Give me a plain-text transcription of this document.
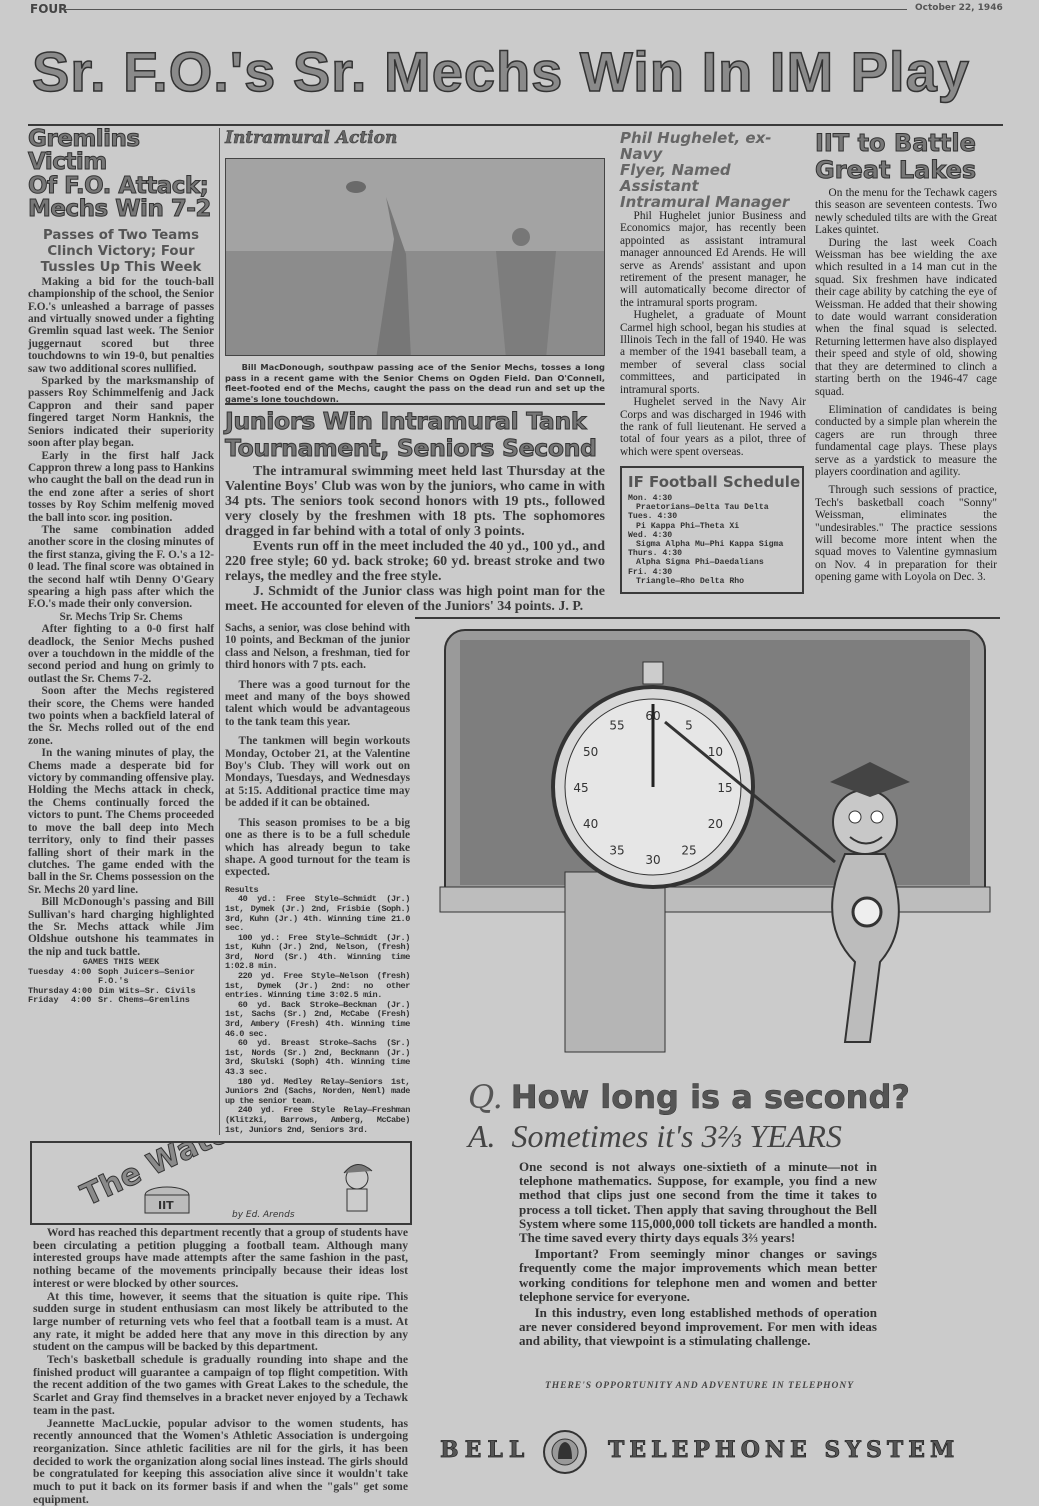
FOUR	October 22, 1946
Sr. F.O.'s Sr. Mechs Win In IM Play
Gremlins Victim
Of F.O. Attack;
Mechs Win 7-2
Passes of Two Teams
Clinch Victory; Four
Tussles Up This Week

Making a bid for the touch-ball championship of the school, the Senior F.O.'s unleashed a barrage of passes and virtually snowed under a fighting Gremlin squad last week. The Senior juggernaut scored but three touchdowns to win 19-0, but penalties saw two additional scores nullified.

Sparked by the marksmanship of passers Roy Schimmelfenig and Jack Cappron and their sand paper fingered target Norm Hanknis, the Seniors indicated their superiority soon after play began.

Early in the first half Jack Cappron threw a long pass to Hankins who caught the ball on the dead run in the end zone after a series of short tosses by Roy Schim melfenig moved the ball into scor. ing position.

The same combination added another score in the closing minutes of the first stanza, giving the F. O.'s a 12-0 lead. The final score was obtained in the second half wtih Denny O'Geary spearing a high pass after which the F.O.'s made their only conversion.

Sr. Mechs Trip Sr. Chems

After fighting to a 0-0 first half deadlock, the Senior Mechs pushed over a touchdown in the middle of the second period and hung on grimly to outlast the Sr. Chems 7-2.

Soon after the Mechs registered their score, the Chems were handed two points when a backfield lateral of the Sr. Mechs rolled out of the end zone.

In the waning minutes of play, the Chems made a desperate bid for victory by commanding offensive play. Holding the Mechs attack in check, the Chems continually forced the victors to punt. The Chems proceeded to move the ball deep into Mech territory, only to find their passes falling short of their mark in the clutches. The game ended with the ball in the Sr. Chems possession on the Sr. Mechs 20 yard line.

Bill McDonough's passing and Bill Sullivan's hard charging highlighted the Sr. Mechs attack while Jim Oldshue outshone his teammates in the nip and tuck battle.

GAMES THIS WEEK
Tuesday 4:00 Soph Juicers—Senior F.O.'s
Thursday 4:00 Dim Wits—Sr. Civils
Friday	4:00 Sr. Chems—Gremlins
IIT
by Ed. Arends

Word has reached this department recently that a group of students have been circulating a petition plugging a football team. Although many interested groups have made attempts after the same fashion in the past, nothing became of the movements principally because their ideas lost interest or were blocked by other sources.

At this time, however, it seems that the situation is quite ripe. This sudden surge in student enthusiasm can most likely be attributed to the large number of returning vets who feel that a football team is a must. At any rate, it might be added here that any move in this direction by any student on the campus will be backed by this department.

Tech's basketball schedule is gradually rounding into shape and the finished product will guarantee a campaign of top flight competition. With the recent addition of the two games with Great Lakes to the schedule, the Scarlet and Gray find themselves in a bracket never enjoyed by a Techawk team in the past.

Jeannette MacLuckie, popular advisor to the women students, has recently announced that the Women's Athletic Association is undergoing reorganization. Since athletic facilities are nil for the girls, it has been decided to work the organization along social lines instead. The girls should be congratulated for keeping this association alive since it wouldn't take much to put it back on its former basis if and when the "gals" get some equipment.

Intramural Action
Bill MacDonough, southpaw passing ace of the Senior Mechs, tosses a long pass in a recent game with the Senior Chems on Ogden Field. Dan O'Connell, fleet-footed end of the Mechs, caught the pass on the dead run and set up the game's lone touchdown.
Juniors Win Intramural Tank
Tournament, Seniors Second

The intramural swimming meet held last Thursday at the Valentine Boys' Club was won by the juniors, who came in with 34 pts. The seniors took second honors with 19 pts., followed very closely by the freshmen with 18 pts. The sophomores dragged in far behind with a total of only 3 points.

Events run off in the meet included the 40 yd., 100 yd., and 220 free style; 60 yd. back stroke; 60 yd. breast stroke and two relays, the medley and the free style.

J. Schmidt of the Junior class was high point man for the meet. He accounted for eleven of the Juniors' 34 points. J. P.

Sachs, a senior, was close behind with 10 points, and Beckman of the junior class and Nelson, a freshman, tied for third honors with 7 pts. each.

There was a good turnout for the meet and many of the boys showed talent which would be advantageous to the tank team this year.

The tankmen will begin workouts Monday, October 21, at the Valentine Boy's Club. They will work out on Mondays, Tuesdays, and Wednesdays at 5:15. Additional practice time may be added if it can be obtained.

This season promises to be a big one as there is to be a full schedule which has already begun to take shape. A good turnout for the team is expected.

Results

40 yd.: Free Style—Schmidt (Jr.) 1st, Dymek (Jr.) 2nd, Frisbie (Soph.) 3rd, Kuhn (Jr.) 4th. Winning time 21.0 sec.

100 yd.: Free Style—Schmidt (Jr.) 1st, Kuhn (Jr.) 2nd, Nelson, (fresh) 3rd, Nord (Sr.) 4th. Winning time 1:02.8 min.

220 yd. Free Style—Nelson (fresh) 1st, Dymek (Jr.) 2nd: no other entries. Winning time 3:02.5 min.

60 yd. Back Stroke—Beckman (Jr.) 1st, Sachs (Sr.) 2nd, McCabe (Fresh) 3rd, Ambery (Fresh) 4th. Winning time 46.0 sec.

60 yd. Breast Stroke—Sachs (Sr.) 1st, Nords (Sr.) 2nd, Beckmann (Jr.) 3rd, Skulski (Soph) 4th. Winning time 43.3 sec.

180 yd. Medley Relay—Seniors 1st, Juniors 2nd (Sachs, Norden, Neml) made up the senior team.

240 yd. Free Style Relay—Freshman (Klitzki, Barrows, Amberg, McCabe) 1st, Juniors 2nd, Seniors 3rd.

Phil Hughelet, ex-Navy
Flyer, Named Assistant
Intramural Manager

Phil Hughelet junior Business and Economics major, has recently been appointed as assistant intramural manager announced Ed Arends. He will serve as Arends' assistant and upon retirement of the present manager, he will automatically become director of the intramural sports program.

Hughelet, a graduate of Mount Carmel high school, began his studies at Illinois Tech in the fall of 1940. He was a member of the 1941 baseball team, a member of several class social committees, and participated in intramural sports.

Hughelet served in the Navy Air Corps and was discharged in 1946 with the rank of full lieutenant. He served a total of four years as a pilot, three of which were spent overseas.

IF Football Schedule
Mon. 4:30
Praetorians—Delta Tau Delta
Tues. 4:30
Pi Kappa Phi—Theta Xi
Wed. 4:30
Sigma Alpha Mu—Phi Kappa Sigma
Thurs. 4:30
Alpha Sigma Phi—Daedalians
Fri. 4:30
Triangle—Rho Delta Rho
IIT to Battle
Great Lakes

On the menu for the Techawk cagers this season are seventeen contests. Two newly scheduled tilts are with the Great Lakes quintet.

During the last week Coach Weissman has bee wielding the axe which resulted in a 14 man cut in the squad. Six freshmen have indicated their cage ability by catching the eye of Weissman. He added that their showing to date would warrant consideration when the final squad is selected. Returning lettermen have also displayed their speed and style of old, showing that they are determined to clinch a starting berth on the 1946-47 cage squad.

Elimination of candidates is being conducted by a simple plan wherein the cagers are run through three fundamental cage plays. These plays serve as a yardstick to measure the players coordination and agility.

Through such sessions of practice, Tech's basketball coach "Sonny" Weissman, eliminates the "undesirables." The practice sessions will become more intent when the squad moves to Valentine gymnasium on Nov. 4 in preparation for their opening game with Loyola on Dec. 3.

60
5
10
15
20
25
30
35
40
45
50
55
Q. How long is a second?
A. Sometimes it's 3⅔ YEARS

One second is not always one-sixtieth of a minute—not in telephone mathematics. Suppose, for example, you find a new method that clips just one second from the time it takes to process a toll ticket. Then apply that saving throughout the Bell System where some 115,000,000 toll tickets are handled a month. The time saved every thirty days equals 3⅔ years!

Important? From seemingly minor changes or savings frequently come the major improvements which mean better working conditions for telephone men and women and better telephone service for everyone.

In this industry, even long established methods of operation are never considered beyond improvement. For men with ideas and ability, that viewpoint is a stimulating challenge.

THERE'S OPPORTUNITY AND ADVENTURE IN TELEPHONY
BELL	TELEPHONE SYSTEM
